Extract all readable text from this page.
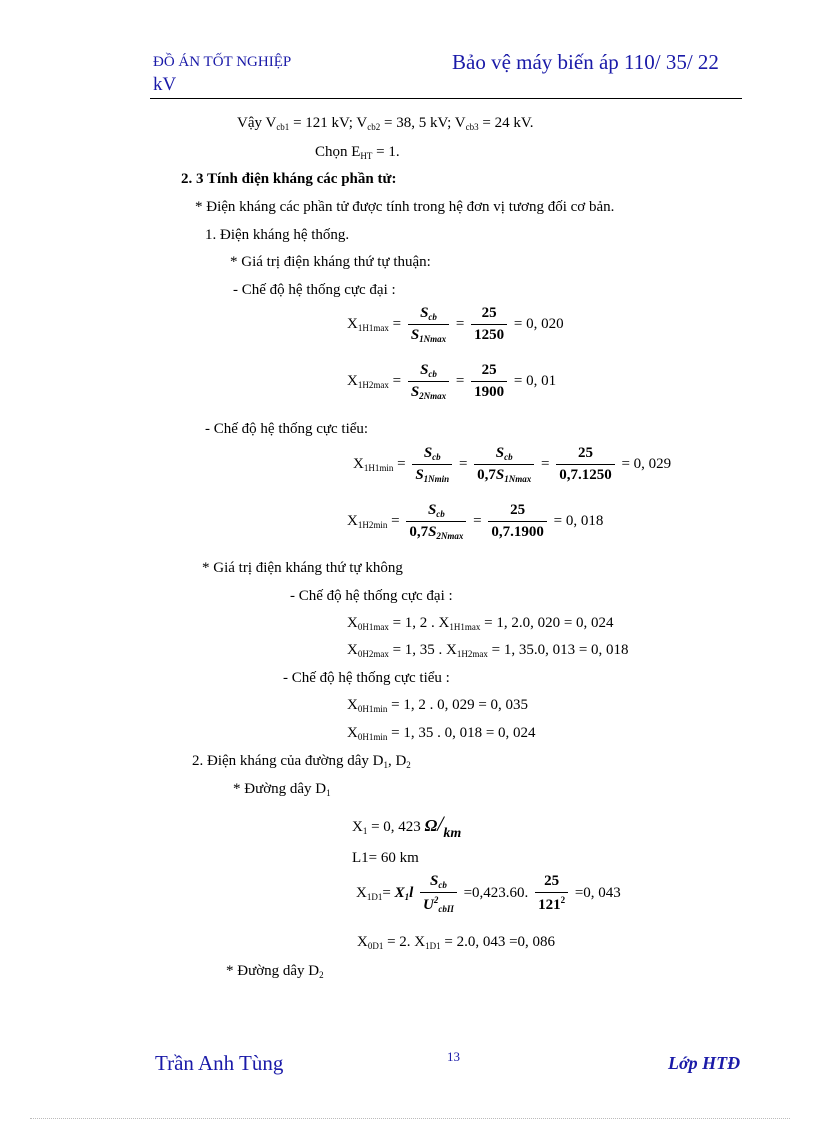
ĐỒ ÁN TỐT NGHIỆP
kV
Bảo vệ máy biến áp 110/ 35/ 22
Vậy $V_{cb1} = 121$ kV; $V_{cb2} = 38$, 5 kV; $V_{cb3} = 24$ kV.
Chọn $E_{HT} = 1$.
2. 3 Tính điện kháng các phần tử:
* Điện kháng các phần tử được tính trong hệ đơn vị tương đối cơ bản.
1. Điện kháng hệ thống.
* Giá trị điện kháng thứ tự thuận:
- Chế độ hệ thống cực đại :
$X_{1H1max} = \frac{S_{cb}}{S_{1Nmax}} = \frac{25}{1250} = 0$, 020
$X_{1H2max} = \frac{S_{cb}}{S_{2Nmax}} = \frac{25}{1900} = 0$, 01
- Chế độ hệ thống cực tiểu:
$X_{1H1min} = \frac{S_{cb}}{S_{1Nmin}} = \frac{S_{cb}}{0,7S_{1Nmax}} = \frac{25}{0,7.1250} = 0$, 029
$X_{1H2min} = \frac{S_{cb}}{0,7S_{2Nmax}} = \frac{25}{0,7.1900} = 0$, 018
* Giá trị điện kháng thứ tự không
- Chế độ hệ thống cực đại :
$X_{0H1max} = 1$, 2 . $X_{1H1max} = 1$, 2.0, 020 = 0, 024
$X_{0H2max} = 1$, 35 . $X_{1H2max} = 1$, 35.0, 013 = 0, 018
- Chế độ hệ thống cực tiểu :
$X_{0H1min} = 1$, 2 . 0, 029 = 0, 035
$X_{0H1min} = 1$, 35 . 0, 018 = 0, 024
2. Điện kháng của đường dây $D_1$, $D_2$
* Đường dây $D_1$
$X_1 = 0$, 423 $\Omega/_{km}$
L1= 60 km
$X_{1D1}= X_1l \frac{S_{cb}}{U^2_{cbII}} =0,423.60$. $\frac{25}{121^2} =0$, 043
$X_{0D1} = 2$. $X_{1D1} = 2.0$, 043 =0, 086
* Đường dây $D_2$
Trần Anh Tùng	13	Lớp HTĐ
